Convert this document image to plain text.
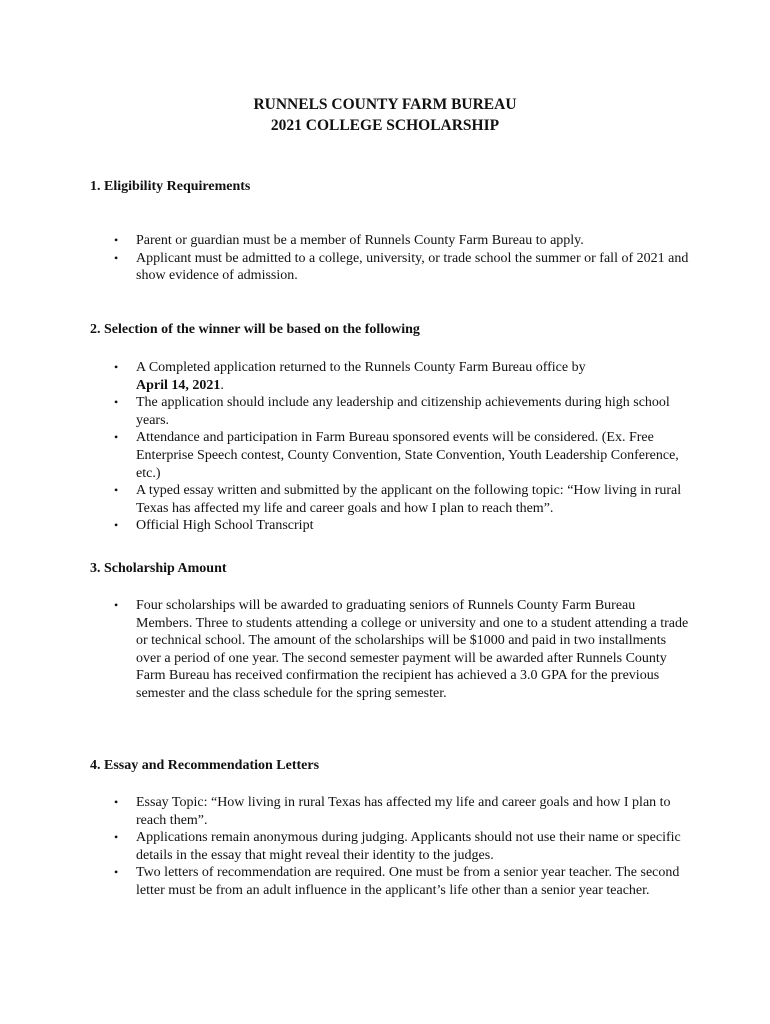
RUNNELS COUNTY FARM BUREAU
2021 COLLEGE SCHOLARSHIP
1. Eligibility Requirements
• Parent or guardian must be a member of Runnels County Farm Bureau to apply.
• Applicant must be admitted to a college, university, or trade school the summer or fall of 2021 and show evidence of admission.
2. Selection of the winner will be based on the following
• A Completed application returned to the Runnels County Farm Bureau office by
April 14, 2021.
• The application should include any leadership and citizenship achievements during high school years.
• Attendance and participation in Farm Bureau sponsored events will be considered. (Ex. Free Enterprise Speech contest, County Convention, State Convention, Youth Leadership Conference, etc.)
• A typed essay written and submitted by the applicant on the following topic: “How living in rural Texas has affected my life and career goals and how I plan to reach them”.
• Official High School Transcript
3. Scholarship Amount
• Four scholarships will be awarded to graduating seniors of Runnels County Farm Bureau Members. Three to students attending a college or university and one to a student attending a trade or technical school. The amount of the scholarships will be $1000 and paid in two installments over a period of one year. The second semester payment will be awarded after Runnels County Farm Bureau has received confirmation the recipient has achieved a 3.0 GPA for the previous semester and the class schedule for the spring semester.
4. Essay and Recommendation Letters
• Essay Topic: “How living in rural Texas has affected my life and career goals and how I plan to reach them”.
• Applications remain anonymous during judging. Applicants should not use their name or specific details in the essay that might reveal their identity to the judges.
• Two letters of recommendation are required. One must be from a senior year teacher. The second letter must be from an adult influence in the applicant’s life other than a senior year teacher.
